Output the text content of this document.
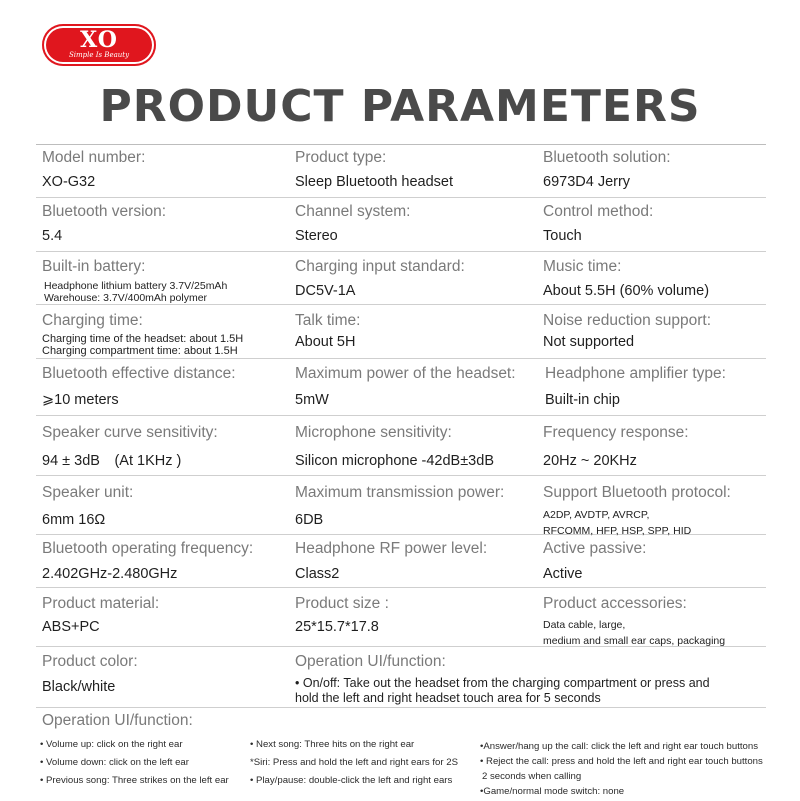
XO
Simple Is Beauty
PRODUCT PARAMETERS
Model number:
XO-G32
Product type:
Sleep Bluetooth headset
Bluetooth solution:
6973D4 Jerry
Bluetooth version:
5.4
Channel system:
Stereo
Control method:
Touch
Built-in battery:
Headphone lithium battery 3.7V/25mAh
Warehouse: 3.7V/400mAh polymer
Charging input standard:
DC5V-1A
Music time:
About 5.5H (60% volume)
Charging time:
Charging time of the headset: about 1.5H
Charging compartment time: about 1.5H
Talk time:
About 5H
Noise reduction support:
Not supported
Bluetooth effective distance:
⩾10 meters
Maximum power of the headset:
5mW
Headphone amplifier type:
Built-in chip
Speaker curve sensitivity:
94 ± 3dB　(At 1KHz )
Microphone sensitivity:
Silicon microphone -42dB±3dB
Frequency response:
20Hz ~ 20KHz
Speaker unit:
6mm 16Ω
Maximum transmission power:
6DB
Support Bluetooth protocol:
A2DP, AVDTP, AVRCP,
RFCOMM, HFP, HSP, SPP, HID
Bluetooth operating frequency:
2.402GHz-2.480GHz
Headphone RF power level:
Class2
Active passive:
Active
Product material:
ABS+PC
Product size :
25*15.7*17.8
Product accessories:
Data cable, large,
medium and small ear caps, packaging
Product color:
Black/white
Operation UI/function:
• On/off: Take out the headset from the charging compartment or press and hold the left and right headset touch area for 5 seconds
Operation UI/function:
• Volume up: click on the right ear
• Volume down: click on the left ear
• Previous song: Three strikes on the left ear
• Next song: Three hits on the right ear
*Siri: Press and hold the left and right ears for 2S
• Play/pause: double-click the left and right ears
•Answer/hang up the call: click the left and right ear touch buttons
• Reject the call: press and hold the left and right ear touch buttons
2 seconds when calling
•Game/normal mode switch: none
